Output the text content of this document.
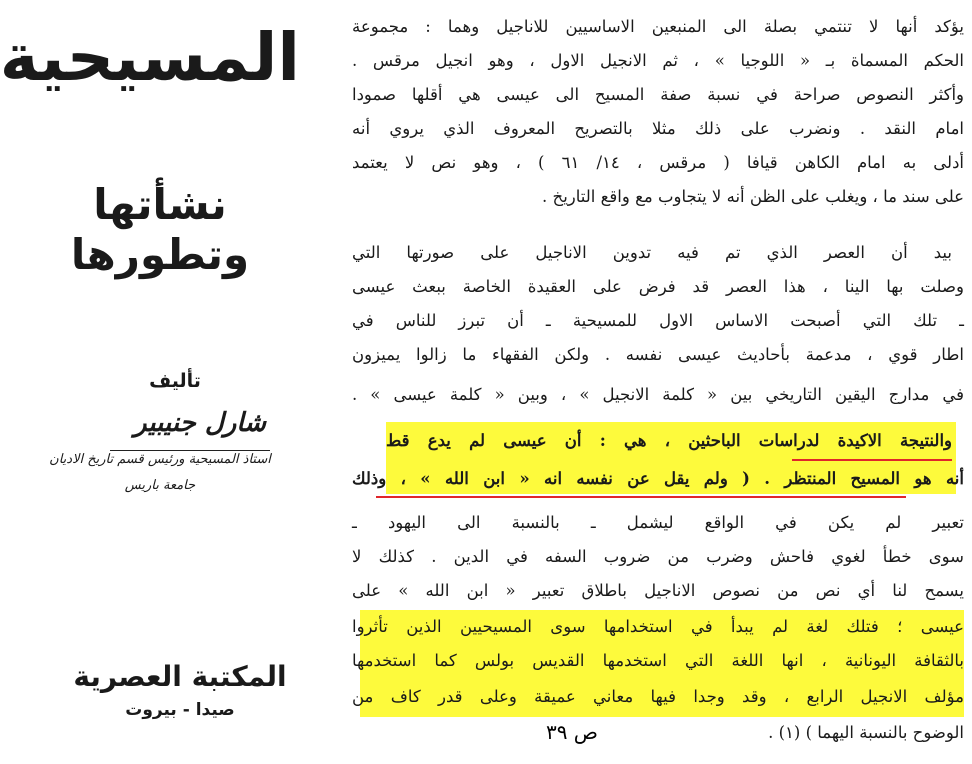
المسيحية
نشأتها وتطورها
تأليف
شارل جنيبير
استاذ المسيحية ورئيس قسم تاريخ الاديان
جامعة باريس
المكتبة العصرية
صيدا - بيروت
يؤكد أنها لا تنتمي بصلة الى المنبعين الاساسيين للاناجيل وهما : مجموعة
الحكم المسماة بـ « اللوجيا » ، ثم الانجيل الاول ، وهو انجيل مرقس .
وأكثر النصوص صراحة في نسبة صفة المسيح الى عيسى هي أقلها صمودا
امام النقد . ونضرب على ذلك مثلا بالتصريح المعروف الذي يروي أنه
أدلى به امام الكاهن قيافا ( مرقس ، ١٤/ ٦١ ) ، وهو نص لا يعتمد
على سند ما ، ويغلب على الظن أنه لا يتجاوب مع واقع التاريخ .
بيد أن العصر الذي تم فيه تدوين الاناجيل على صورتها التي
وصلت بها الينا ، هذا العصر قد فرض على العقيدة الخاصة ببعث عيسى
ـ تلك التي أصبحت الاساس الاول للمسيحية ـ أن تبرز للناس في
اطار قوي ، مدعمة بأحاديث عيسى نفسه . ولكن الفقهاء ما زالوا يميزون
في مدارج اليقين التاريخي بين « كلمة الانجيل » ، وبين « كلمة عيسى » .
والنتيجة الاكيدة لدراسات الباحثين ، هي : أن عيسى لم يدع قط
أنه هو المسيح المنتظر . ( ولم يقل عن نفسه انه « ابن الله » ، وذلك
تعبير لم يكن في الواقع ليشمل ـ بالنسبة الى اليهود ـ
سوى خطأ لغوي فاحش وضرب من ضروب السفه في الدين . كذلك لا
يسمح لنا أي نص من نصوص الاناجيل باطلاق تعبير « ابن الله » على
عيسى ؛ فتلك لغة لم يبدأ في استخدامها سوى المسيحيين الذين تأثروا
بالثقافة اليونانية ، انها اللغة التي استخدمها القديس بولس كما استخدمها
مؤلف الانجيل الرابع ، وقد وجدا فيها معاني عميقة وعلى قدر كاف من
الوضوح بالنسبة اليهما ) (١) .
ص ٣٩
